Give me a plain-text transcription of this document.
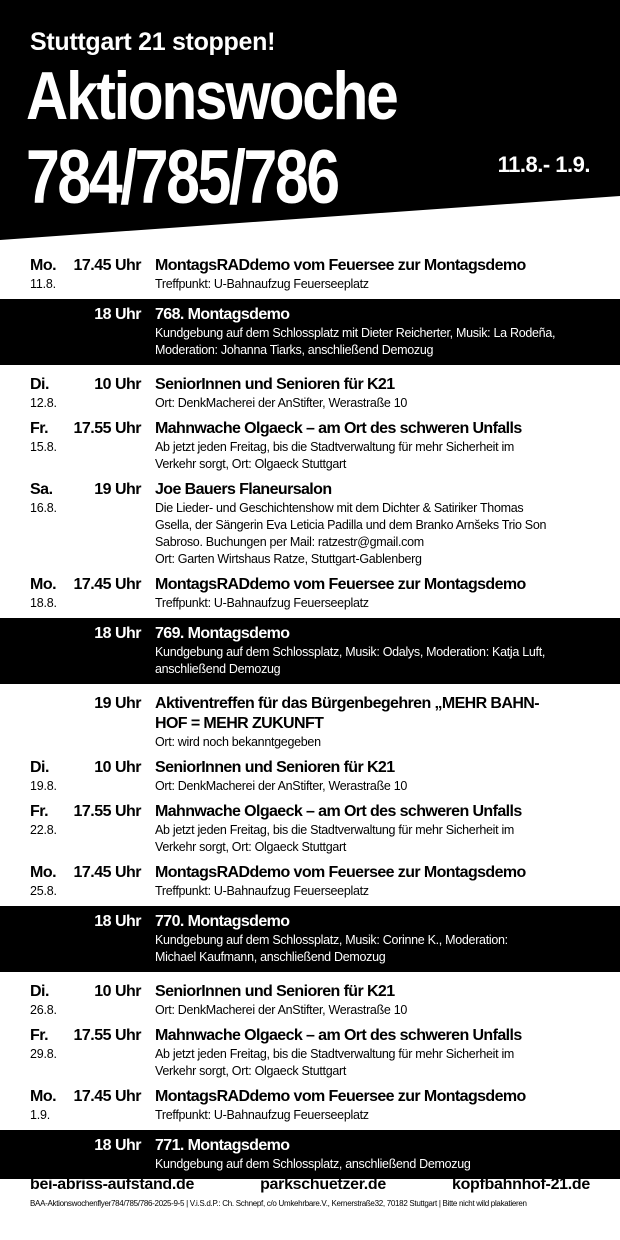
Stuttgart 21 stoppen!
Aktionswoche
784/785/786	11.8.- 1.9.
Mo. 17.45 Uhr
11.8.
MontagsRADdemo vom Feuersee zur Montagsdemo
Treffpunkt: U-Bahnaufzug Feuerseeplatz
18 Uhr 768. Montagsdemo
Kundgebung auf dem Schlossplatz mit Dieter Reicherter, Musik: La Rodeña,
Moderation: Johanna Tiarks, anschließend Demozug
Di.	10 Uhr
12.8.
SeniorInnen und Senioren für K21
Ort: DenkMacherei der AnStifter, Werastraße 10
Fr. 17.55 Uhr
15.8.
Mahnwache Olgaeck – am Ort des schweren Unfalls
Ab jetzt jeden Freitag, bis die Stadtverwaltung für mehr Sicherheit im
Verkehr sorgt, Ort: Olgaeck Stuttgart
Sa.	19 Uhr
16.8.
Joe Bauers Flaneursalon
Die Lieder- und Geschichtenshow mit dem Dichter & Satiriker Thomas
Gsella, der Sängerin Eva Leticia Padilla und dem Branko Arnšeks Trio Son
Sabroso. Buchungen per Mail: ratzestr@gmail.com
Ort: Garten Wirtshaus Ratze, Stuttgart-Gablenberg
Mo. 17.45 Uhr
18.8.
MontagsRADdemo vom Feuersee zur Montagsdemo
Treffpunkt: U-Bahnaufzug Feuerseeplatz
18 Uhr 769. Montagsdemo
Kundgebung auf dem Schlossplatz, Musik: Odalys, Moderation: Katja Luft,
anschließend Demozug
19 Uhr Aktiventreffen für das Bürgenbegehren „MEHR BAHN-
HOF = MEHR ZUKUNFT
Ort: wird noch bekanntgegeben
Di.	10 Uhr
19.8.
SeniorInnen und Senioren für K21
Ort: DenkMacherei der AnStifter, Werastraße 10
Fr. 17.55 Uhr
22.8.
Mahnwache Olgaeck – am Ort des schweren Unfalls
Ab jetzt jeden Freitag, bis die Stadtverwaltung für mehr Sicherheit im
Verkehr sorgt, Ort: Olgaeck Stuttgart
Mo. 17.45 Uhr
25.8.
MontagsRADdemo vom Feuersee zur Montagsdemo
Treffpunkt: U-Bahnaufzug Feuerseeplatz
18 Uhr 770. Montagsdemo
Kundgebung auf dem Schlossplatz, Musik: Corinne K., Moderation:
Michael Kaufmann, anschließend Demozug
Di.	10 Uhr
26.8.
SeniorInnen und Senioren für K21
Ort: DenkMacherei der AnStifter, Werastraße 10
Fr. 17.55 Uhr
29.8.
Mahnwache Olgaeck – am Ort des schweren Unfalls
Ab jetzt jeden Freitag, bis die Stadtverwaltung für mehr Sicherheit im
Verkehr sorgt, Ort: Olgaeck Stuttgart
Mo. 17.45 Uhr
1.9.
MontagsRADdemo vom Feuersee zur Montagsdemo
Treffpunkt: U-Bahnaufzug Feuerseeplatz
18 Uhr 771. Montagsdemo
Kundgebung auf dem Schlossplatz, anschließend Demozug
bei-abriss-aufstand.de	parkschuetzer.de	kopfbahnhof-21.de
BAA-Aktionswochenflyer784/785/786-2025-9-5 | V.i.S.d.P.: Ch. Schnepf, c/o Umkehrbare.V., Kernerstraße32, 70182 Stuttgart | Bitte nicht wild plakatieren
